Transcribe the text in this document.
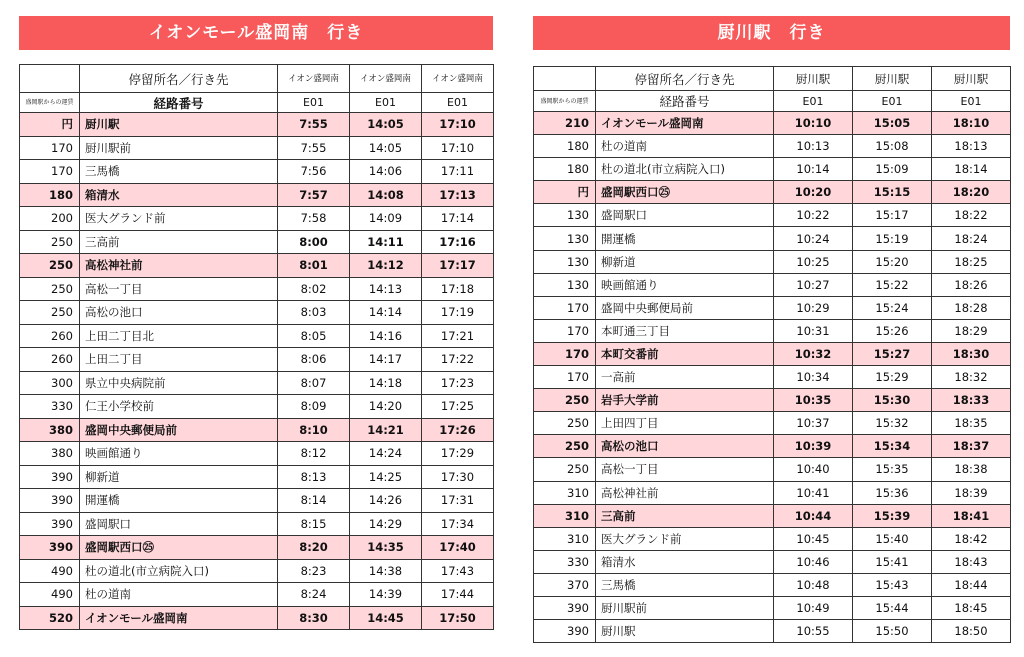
イオンモール盛岡南　行き
	停留所名／行き先	イオン盛岡南	イオン盛岡南	イオン盛岡南
盛岡駅からの運賃	経路番号	E01	E01	E01
円	厨川駅	7:55	14:05	17:10
170	厨川駅前	7:55	14:05	17:10
170	三馬橋	7:56	14:06	17:11
180	箱清水	7:57	14:08	17:13
200	医大グランド前	7:58	14:09	17:14
250	三高前	8:00	14:11	17:16
250	高松神社前	8:01	14:12	17:17
250	高松一丁目	8:02	14:13	17:18
250	高松の池口	8:03	14:14	17:19
260	上田二丁目北	8:05	14:16	17:21
260	上田二丁目	8:06	14:17	17:22
300	県立中央病院前	8:07	14:18	17:23
330	仁王小学校前	8:09	14:20	17:25
380	盛岡中央郵便局前	8:10	14:21	17:26
380	映画館通り	8:12	14:24	17:29
390	柳新道	8:13	14:25	17:30
390	開運橋	8:14	14:26	17:31
390	盛岡駅口	8:15	14:29	17:34
390	盛岡駅西口㉕	8:20	14:35	17:40
490	杜の道北(市立病院入口)	8:23	14:38	17:43
490	杜の道南	8:24	14:39	17:44
520	イオンモール盛岡南	8:30	14:45	17:50
厨川駅　行き
	停留所名／行き先	厨川駅	厨川駅	厨川駅
盛岡駅からの運賃	経路番号	E01	E01	E01
210	イオンモール盛岡南	10:10	15:05	18:10
180	杜の道南	10:13	15:08	18:13
180	杜の道北(市立病院入口)	10:14	15:09	18:14
円	盛岡駅西口㉕	10:20	15:15	18:20
130	盛岡駅口	10:22	15:17	18:22
130	開運橋	10:24	15:19	18:24
130	柳新道	10:25	15:20	18:25
130	映画館通り	10:27	15:22	18:26
170	盛岡中央郵便局前	10:29	15:24	18:28
170	本町通三丁目	10:31	15:26	18:29
170	本町交番前	10:32	15:27	18:30
170	一高前	10:34	15:29	18:32
250	岩手大学前	10:35	15:30	18:33
250	上田四丁目	10:37	15:32	18:35
250	高松の池口	10:39	15:34	18:37
250	高松一丁目	10:40	15:35	18:38
310	高松神社前	10:41	15:36	18:39
310	三高前	10:44	15:39	18:41
310	医大グランド前	10:45	15:40	18:42
330	箱清水	10:46	15:41	18:43
370	三馬橋	10:48	15:43	18:44
390	厨川駅前	10:49	15:44	18:45
390	厨川駅	10:55	15:50	18:50
